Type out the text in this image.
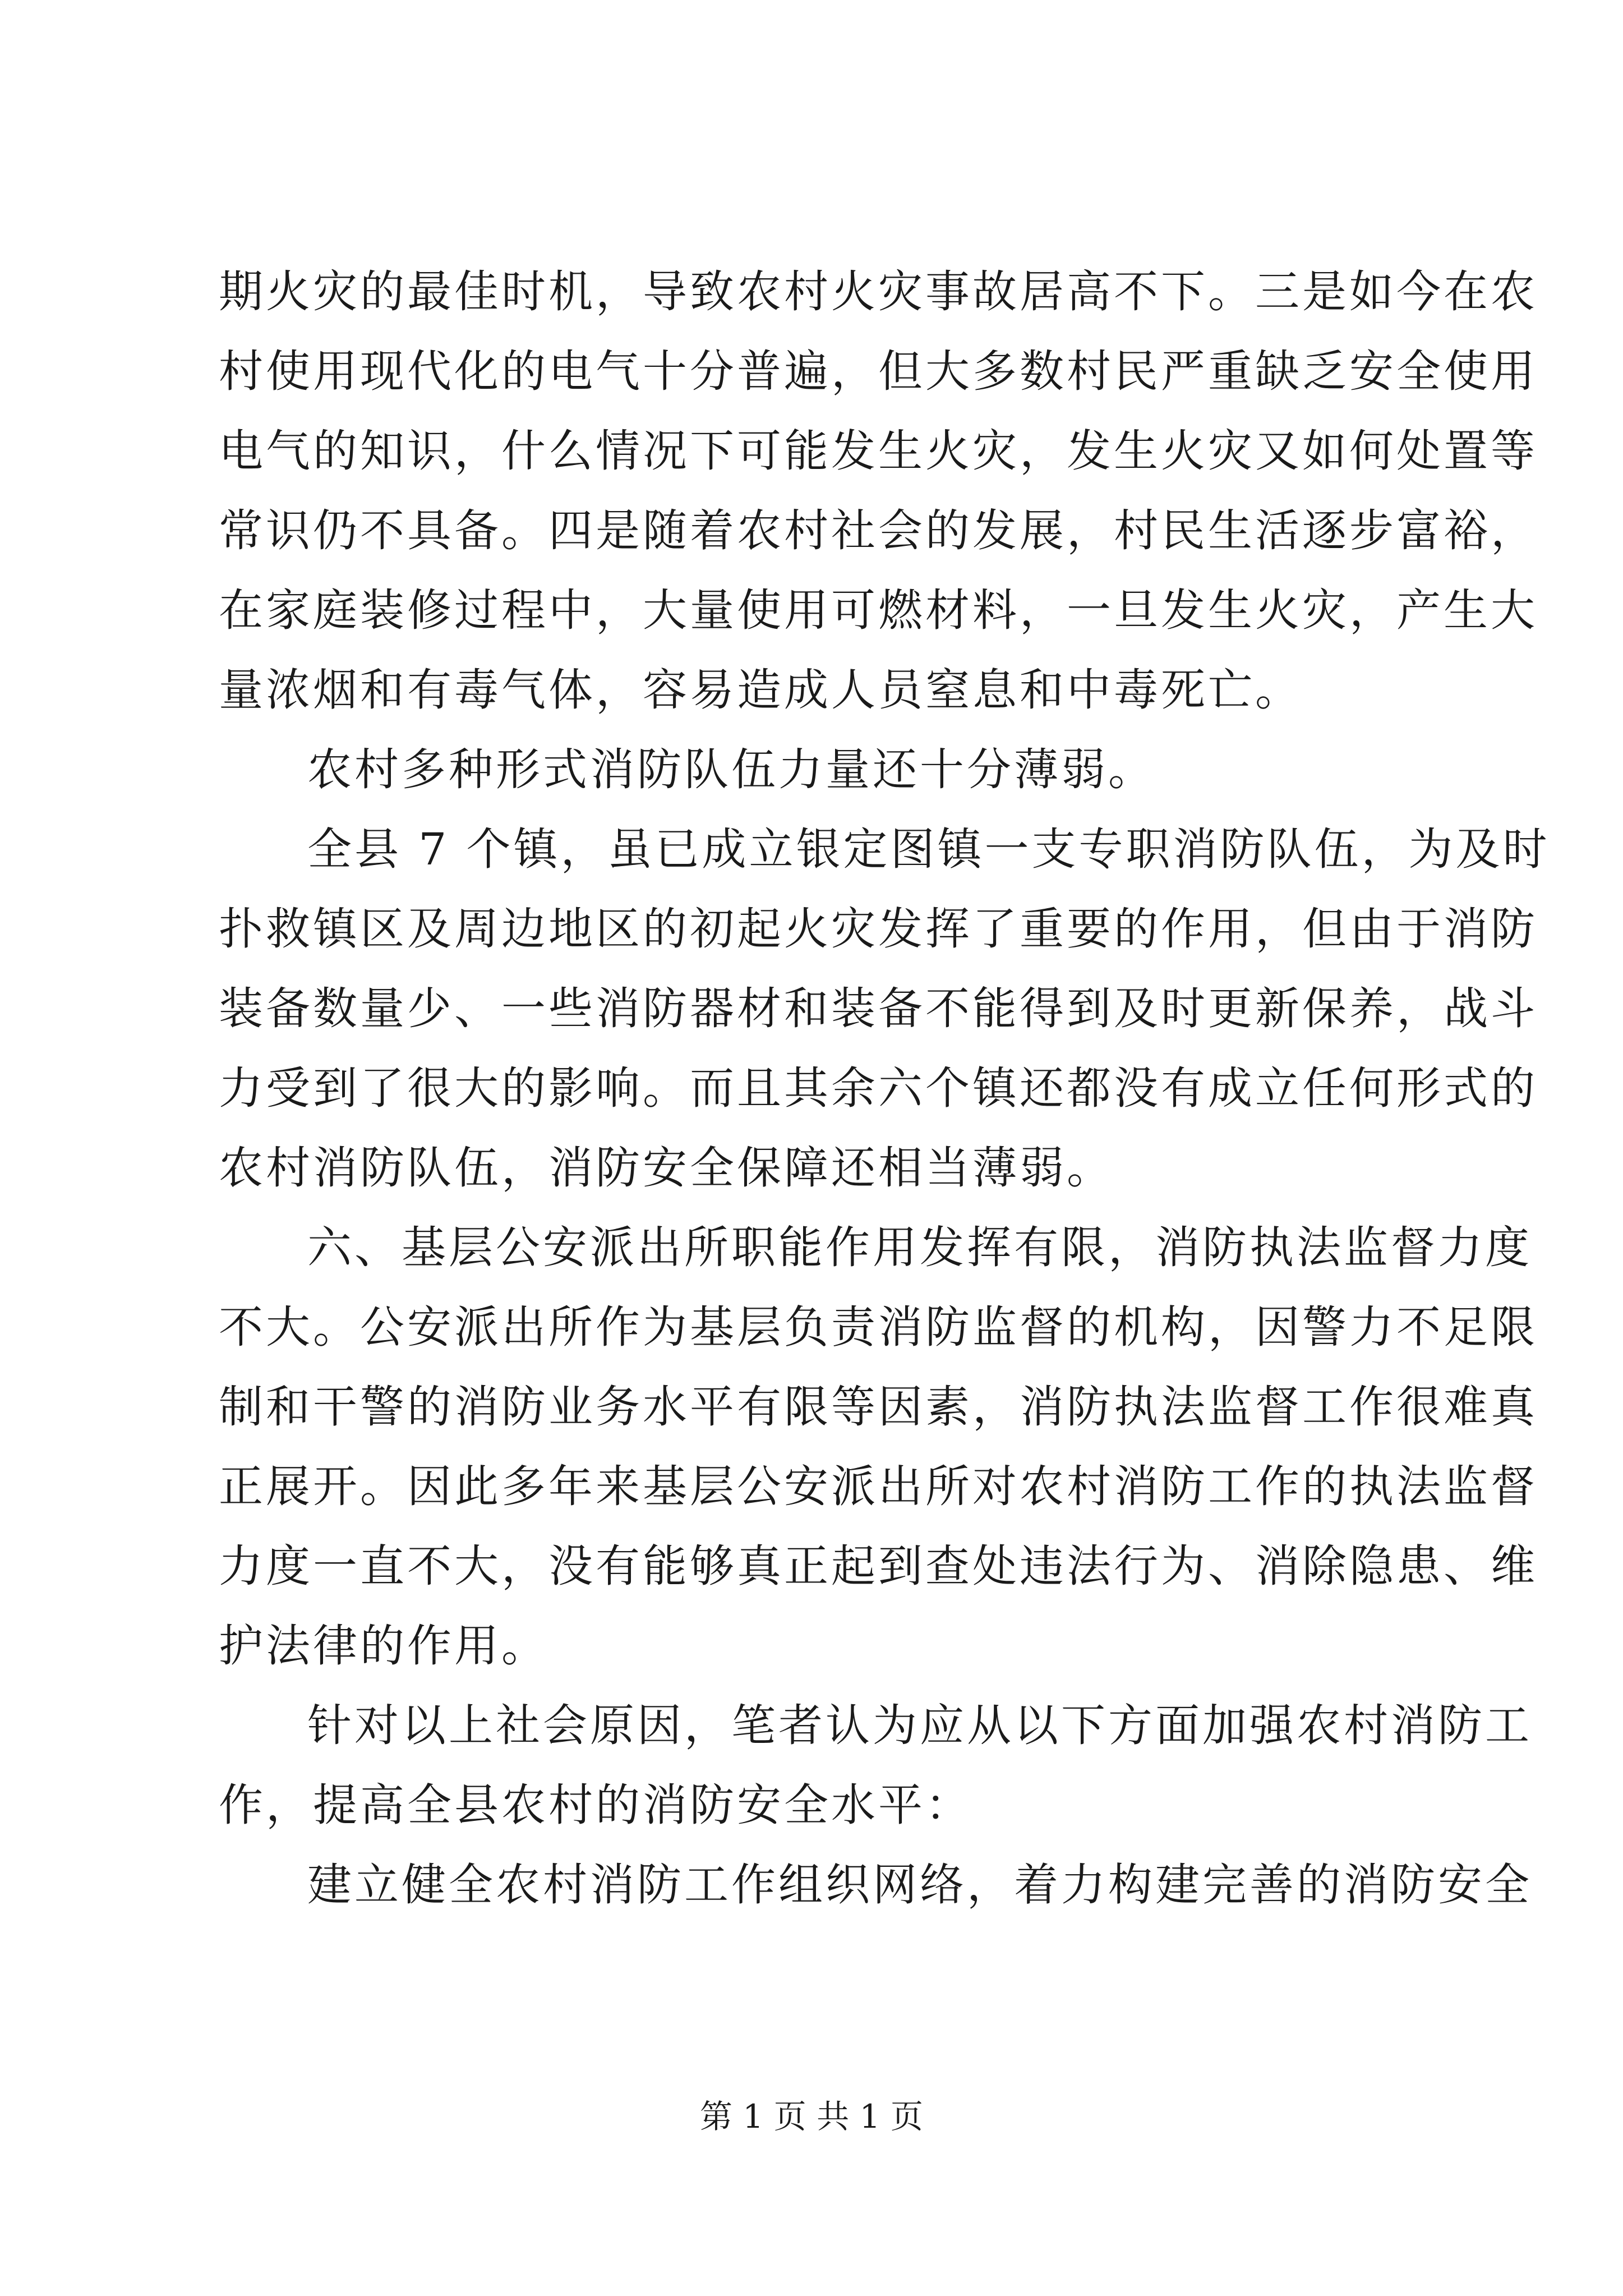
期火灾的最佳时机，导致农村火灾事故居高不下。三是如今在农
村使用现代化的电气十分普遍，但大多数村民严重缺乏安全使用
电气的知识，什么情况下可能发生火灾，发生火灾又如何处置等
常识仍不具备。四是随着农村社会的发展，村民生活逐步富裕，
在家庭装修过程中，大量使用可燃材料，一旦发生火灾，产生大
量浓烟和有毒气体，容易造成人员窒息和中毒死亡。
农村多种形式消防队伍力量还十分薄弱。
全县 7 个镇，虽已成立银定图镇一支专职消防队伍，为及时
扑救镇区及周边地区的初起火灾发挥了重要的作用，但由于消防
装备数量少、一些消防器材和装备不能得到及时更新保养，战斗
力受到了很大的影响。而且其余六个镇还都没有成立任何形式的
农村消防队伍，消防安全保障还相当薄弱。
六、基层公安派出所职能作用发挥有限，消防执法监督力度
不大。公安派出所作为基层负责消防监督的机构，因警力不足限
制和干警的消防业务水平有限等因素，消防执法监督工作很难真
正展开。因此多年来基层公安派出所对农村消防工作的执法监督
力度一直不大，没有能够真正起到查处违法行为、消除隐患、维
护法律的作用。
针对以上社会原因，笔者认为应从以下方面加强农村消防工
作，提高全县农村的消防安全水平：
建立健全农村消防工作组织网络，着力构建完善的消防安全
第 1 页 共 1 页
